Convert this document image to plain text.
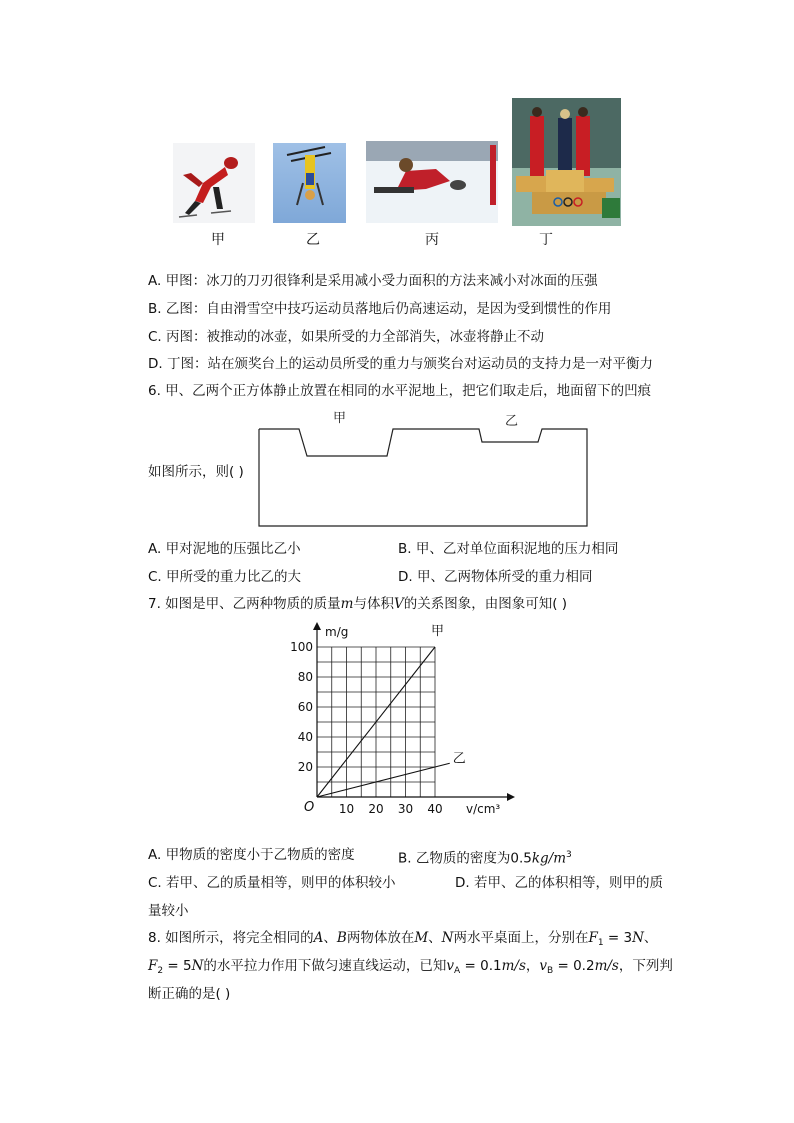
甲	乙	丙	丁
A. 甲图：冰刀的刀刃很锋利是采用减小受力面积的方法来减小对冰面的压强
B. 乙图：自由滑雪空中技巧运动员落地后仍高速运动，是因为受到惯性的作用
C. 丙图：被推动的冰壶，如果所受的力全部消失，冰壶将静止不动
D. 丁图：站在颁奖台上的运动员所受的重力与颁奖台对运动员的支持力是一对平衡力
6. 甲、乙两个正方体静止放置在相同的水平泥地上，把它们取走后，地面留下的凹痕
如图所示，则( )
甲	乙
A. 甲对泥地的压强比乙小	B. 甲、乙对单位面积泥地的压力相同
C. 甲所受的重力比乙的大	D. 甲、乙两物体所受的重力相同
7. 如图是甲、乙两种物质的质量m与体积V的关系图象，由图象可知( )
甲
乙
10 20 30 40
20
40
60
80
100
m/g
v/cm³
O
A. 甲物质的密度小于乙物质的密度	B. 乙物质的密度为$0.5kg/m^3$
C. 若甲、乙的质量相等，则甲的体积较小	D. 若甲、乙的体积相等，则甲的质
量较小
8. 如图所示，将完全相同的A、B两物体放在M、N两水平桌面上，分别在$F_1 = 3N$、
$F_2 = 5N$的水平拉力作用下做匀速直线运动，已知$v_A = 0.1m/s$，$v_B = 0.2m/s$，下列判
断正确的是( )
